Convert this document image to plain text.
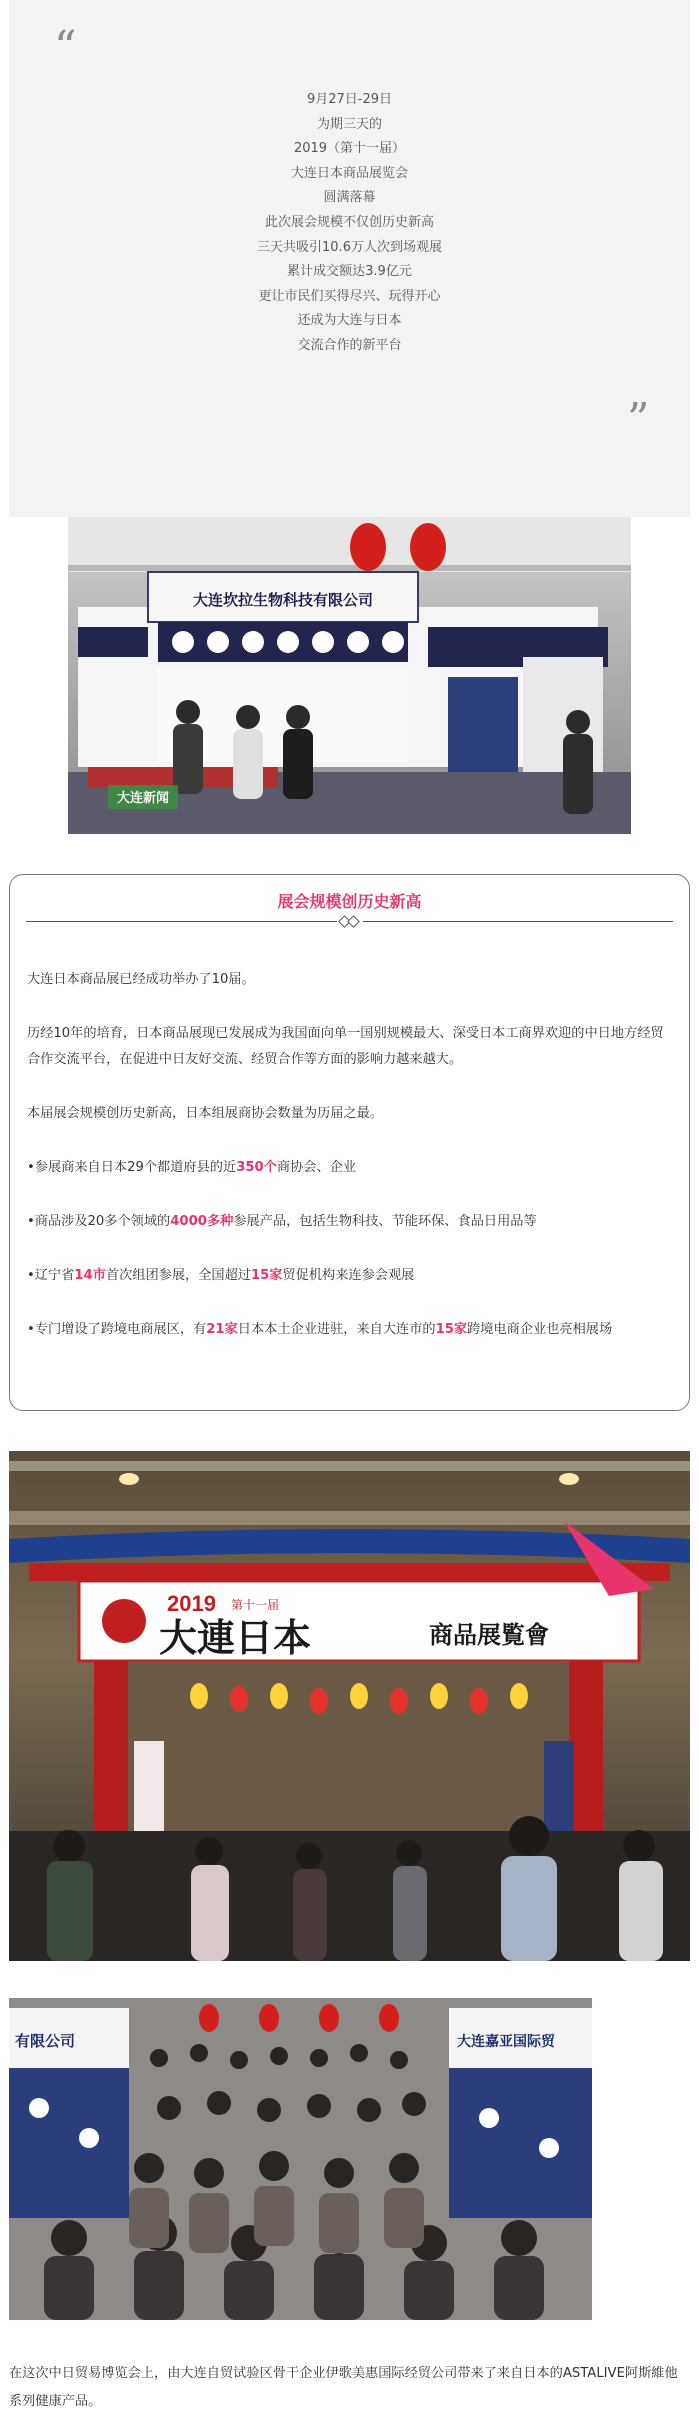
“
9月27日-29日
为期三天的
2019（第十一届）
大连日本商品展览会
圆满落幕
此次展会规模不仅创历史新高
三天共吸引10.6万人次到场观展
累计成交额达3.9亿元
更让市民们买得尽兴、玩得开心
还成为大连与日本
交流合作的新平台
”
大连坎拉生物科技有限公司
大连新闻
展会规模创历史新高

大连日本商品展已经成功举办了10届。

历经10年的培育，日本商品展现已发展成为我国面向单一国别规模最大、深受日本工商界欢迎的中日地方经贸合作交流平台，在促进中日友好交流、经贸合作等方面的影响力越来越大。

本届展会规模创历史新高，日本组展商协会数量为历届之最。

•参展商来自日本29个都道府县的近350个商协会、企业

•商品涉及20多个领域的4000多种参展产品，包括生物科技、节能环保、食品日用品等

•辽宁省14市首次组团参展，全国超过15家贸促机构来连参会观展

•专门增设了跨境电商展区，有21家日本本土企业进驻，来自大连市的15家跨境电商企业也亮相展场

2019 第十一届
大連日本	商品展覧會
有限公司	大连嘉亚国际贸

在这次中日贸易博览会上，由大连自贸试验区骨干企业伊歌美惠国际经贸公司带来了来自日本的ASTALIVE阿斯維他系列健康产品。
